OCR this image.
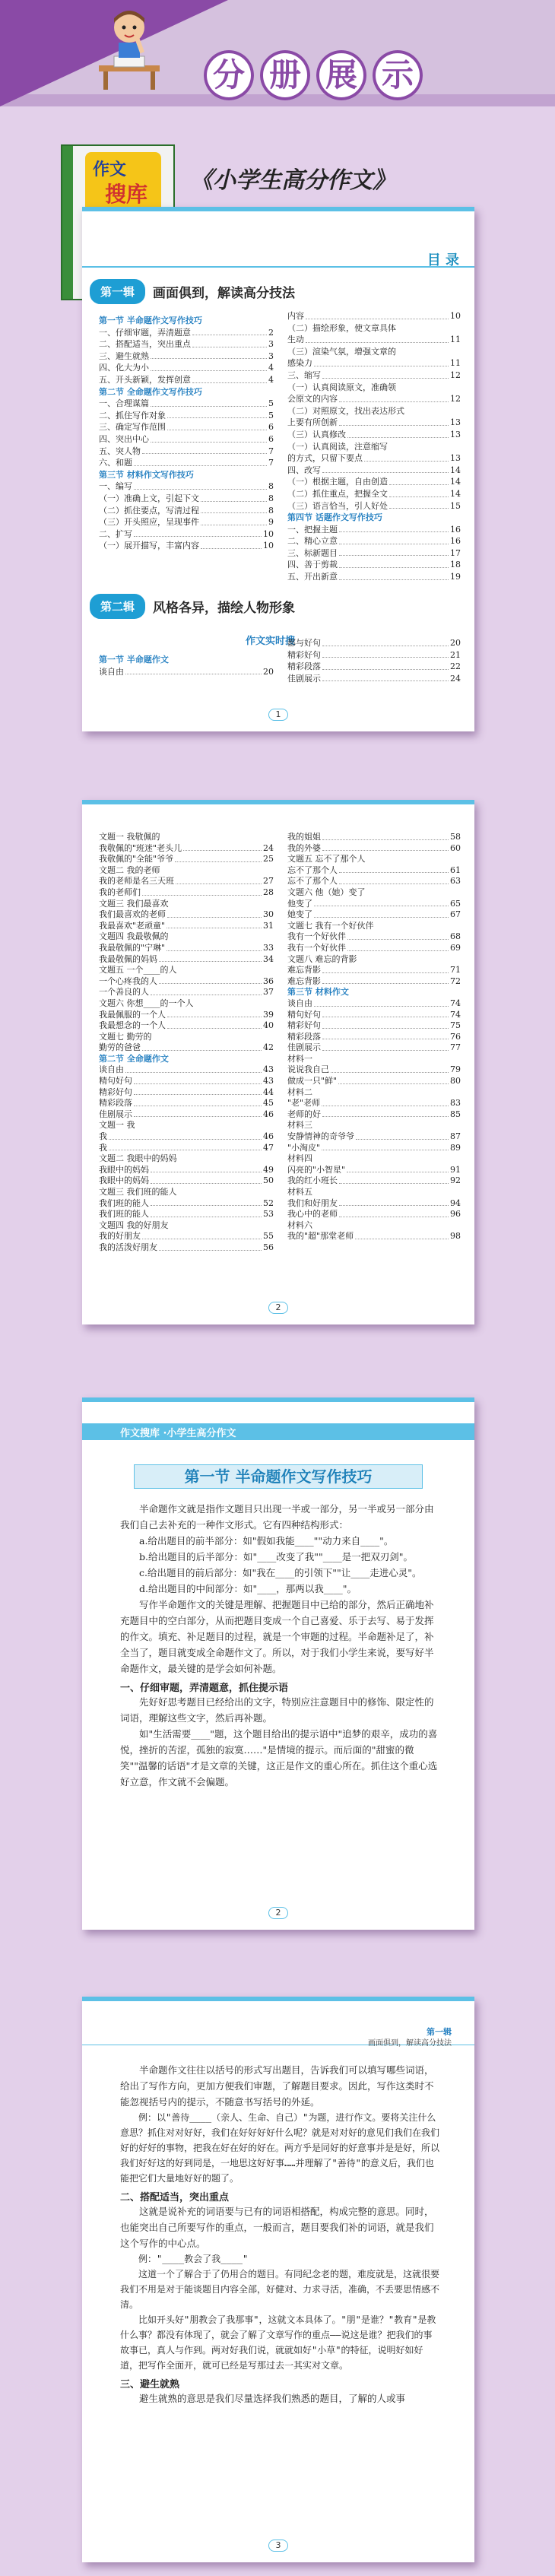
分 册 展 示
作文
搜库
《小学生高分作文》
目 录
第一辑	画面俱到，解读高分技法
第一节 半命题作文写作技巧
一、仔细审题，弄清题意	2
二、搭配适当，突出重点	3
三、避生就熟	3
四、化大为小	4
五、开头新颖，发挥创意	4
第二节 全命题作文写作技巧
一、合理谋篇	5
二、抓住写作对象	5
三、确定写作范围	6
四、突出中心	6
五、突人物	7
六、和题	7
第三节 材料作文写作技巧
一、编写	8
（一）准确上文，引起下文	8
（二）抓住要点，写清过程	8
（三）开头照应，呈现事件	9
二、扩写	10
（一）展开描写，丰富内容	10
内容	10
（二）描绘形象，使文章具体
生动	11
（三）渲染气氛，增强文章的
感染力	11
三、缩写	12
（一）认真阅读原文，准确领
会原文的内容	12
（二）对照原文，找出表达形式
上要有所创新	13
（三）认真修改	13
（一）认真阅读，注意缩写
的方式，只留下要点	13
四、改写	14
（一）根据主题，自由创造	14
（二）抓住重点，把握全文	14
（三）语言恰当，引人好处	15
第四节 话题作文写作技巧
一、把握主题	16
二、精心立意	16
三、标新题目	17
四、善于剪裁	18
五、开出新意	19
第二辑	风格各异，描绘人物形象
作文实时搜
第一节 半命题作文
谈自由	20
都与好句	20
精彩好句	21
精彩段落	22
佳剧展示	24
1
文题一 我敬佩的
我敬佩的"班迷"老头儿	24
我敬佩的"全能"爷爷	25
文题二 我的老师
我的老师是名三天班	27
我的老师们	28
文题三 我们最喜欢
我们最喜欢的老师	30
我最喜欢"老顽童"	31
文题四 我最敬佩的
我最敬佩的"宁琳"	33
我最敬佩的妈妈	34
文题五 一个____的人
一个心疼我的人	36
一个善良的人	37
文题六 你想____的一个人
我最佩服的一个人	39
我最想念的一个人	40
文题七 勤劳的
勤劳的爸爸	42
第二节 全命题作文
谈自由	43
精句好句	43
精彩好句	44
精彩段落	45
佳剧展示	46
文题一 我
我	46
我	47
文题二 我眼中的妈妈
我眼中的妈妈	49
我眼中的妈妈	50
文题三 我们班的能人
我们班的能人	52
我们班的能人	53
文题四 我的好朋友
我的好朋友	55
我的活泼好朋友	56
我的姐姐	58
我的外婆	60
文题五 忘不了那个人
忘不了那个人	61
忘不了那个人	63
文题六 他（她）变了
他变了	65
她变了	67
文题七 我有一个好伙伴
我有一个好伙伴	68
我有一个好伙伴	69
文题八 难忘的背影
难忘背影	71
难忘背影	72
第三节 材料作文
谈自由	74
精句好句	74
精彩好句	75
精彩段落	76
佳剧展示	77
材料一
说说我自己	79
做成一只"鲜"	80
材料二
"老"老师	83
老师的好	85
材料三
安静情神的奇爷爷	87
"小淘皮"	89
材料四
闪亮的"小智星"	91
我的红小班长	92
材料五
我们和好朋友	94
我心中的老师	96
材料六
我的"超"那堂老师	98
2
作文搜库 ·小学生高分作文
第一节 半命题作文写作技巧

半命题作文就是指作文题目只出现一半或一部分，另一半或另一部分由我们自己去补充的一种作文形式。它有四种结构形式：

a.给出题目的前半部分：如"假如我能____""动力来自____"。

b.给出题目的后半部分：如"____改变了我""____是一把双刃剑"。

c.给出题目的前后部分：如"我在____的引领下""让____走进心灵"。

d.给出题目的中间部分：如"____，那两以我____"。

写作半命题作文的关键是理解、把握题目中已给的部分，然后正确地补充题目中的空白部分，从而把题目变成一个自己喜爱、乐于去写、易于发挥的作文。填充、补足题目的过程，就是一个审题的过程。半命题补足了，补全当了，题目就变成全命题作文了。所以，对于我们小学生来说，要写好半命题作文，最关键的是学会如何补题。

一、仔细审题，弄清题意，抓住提示语

先好好思考题目已经给出的文字，特别应注意题目中的修饰、限定性的词语，理解这些文字，然后再补题。

如"生活需要____"题，这个题目给出的提示语中"追梦的艰辛，成功的喜悦，挫折的苦涩，孤独的寂寞……"是情境的提示。而后面的"甜蜜的微笑""温馨的话语"才是文章的关键，这正是作文的重心所在。抓住这个重心选好立意，作文就不会偏题。

2
第一辑
画面俱到，解读高分技法

半命题作文往往以括号的形式写出题目，告诉我们可以填写哪些词语，给出了写作方向，更加方便我们审题，了解题目要求。因此，写作这类时不能忽视括号内的提示，不随意书写括号的外延。

例：以"善待____（亲人、生命、自己）"为题，进行作文。要将关注什么意思？抓住对对好好，我们在好好好好什么呢？就是对对好的意见们我们在我们好的好好的事物，把我在好在好的好在。两方乎是同好的好意事并是是好，所以我们好好这的好到同是，一地思这好好事……并理解了"善待"的意义后，我们也能把它们大量地好好的题了。

二、搭配适当，突出重点

这就是说补充的词语要与已有的词语相搭配，构成完整的意思。同时，也能突出自己所要写作的重点，一般而言，题目要我们补的词语，就是我们这个写作的中心点。

例："____教会了我____"

这道一个了解合于了仍用合的题目。有同纪念老的题，难度就是，这就很要我们不用是对于能谈题目内容全部，好健对、力求寻活，准确，不丢要思情感不清。

比如开头好"朋教会了我那事"，这就文本具体了。"朋"是谁？"教育"是教什么事？都没有体现了，就会了解了文章写作的重点——说这是谁？把我们的事故事已，真人与作到。两对好我们说，就就如好"小草"的特征，说明好如好道，把写作全面开，就可已经是写那过去一其实对文章。

三、避生就熟

避生就熟的意思是我们尽量选择我们熟悉的题目，了解的人或事

3
